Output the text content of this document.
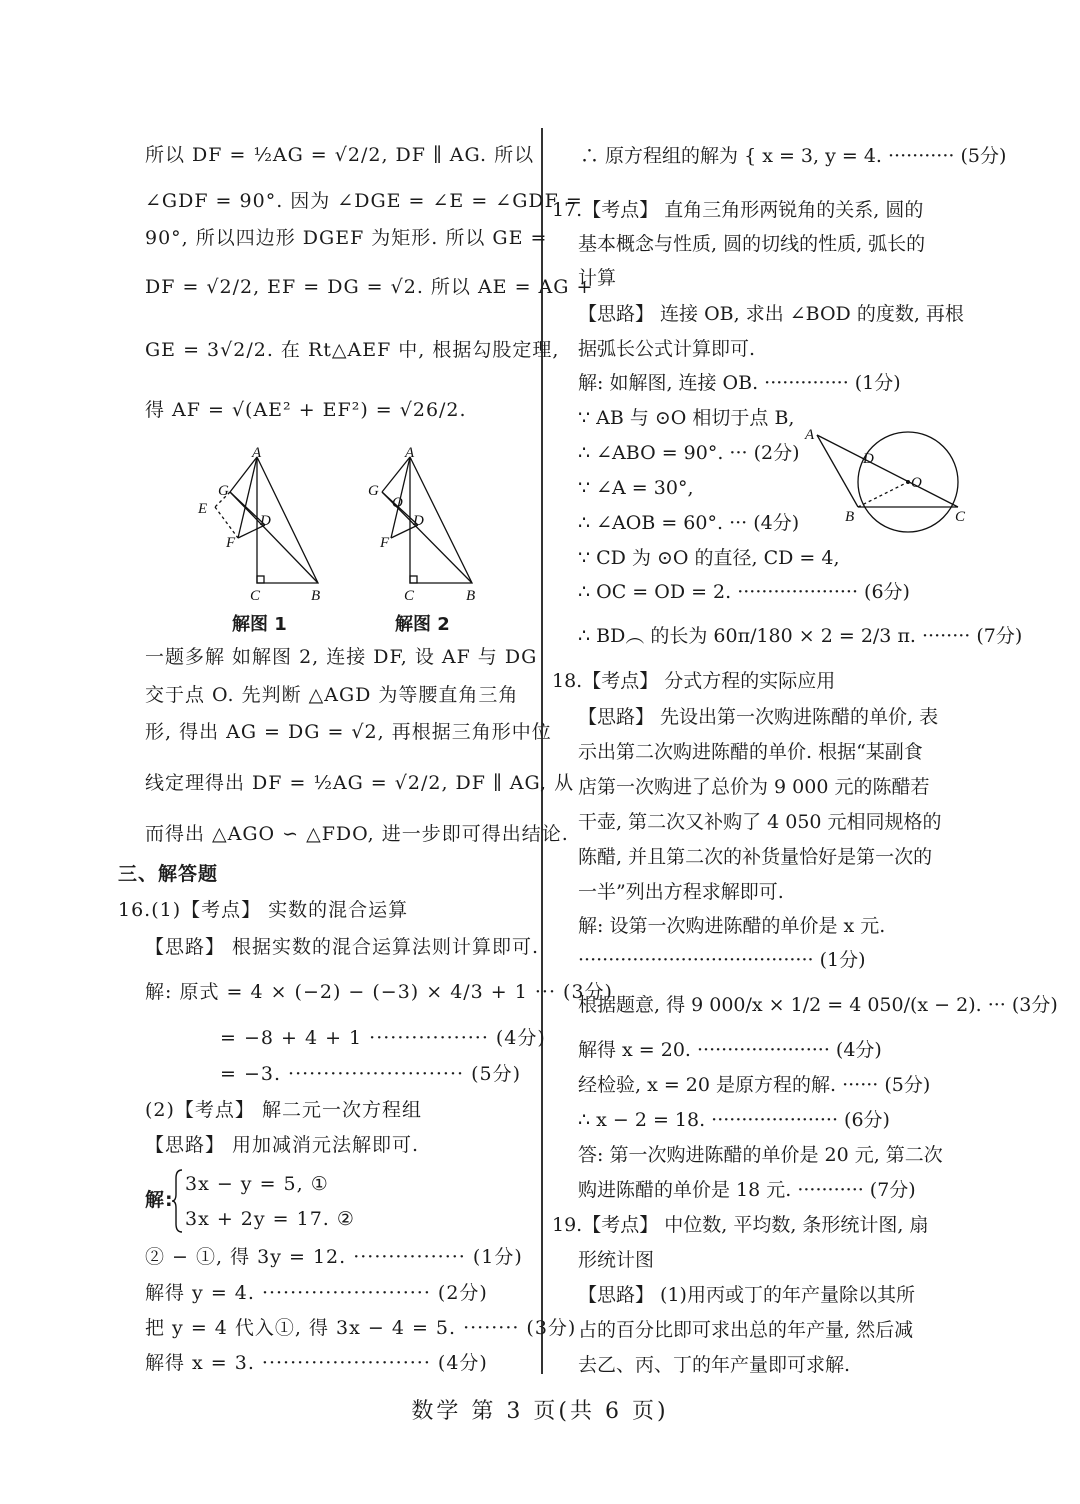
所以 DF = ½AG = √2/2, DF ∥ AG. 所以
∠GDF = 90°. 因为 ∠DGE = ∠E = ∠GDF =
90°, 所以四边形 DGEF 为矩形. 所以 GE =
DF = √2/2, EF = DG = √2. 所以 AE = AG +
GE = 3√2/2. 在 Rt△AEF 中, 根据勾股定理,
得 AF = √(AE² + EF²) = √26/2.
A
G
E
D
F
C	B
解图 1
A
G
O
D
F
C	B
解图 2
一题多解 如解图 2, 连接 DF, 设 AF 与 DG
交于点 O. 先判断 △AGD 为等腰直角三角
形, 得出 AG = DG = √2, 再根据三角形中位
线定理得出 DF = ½AG = √2/2, DF ∥ AG, 从
而得出 △AGO ∽ △FDO, 进一步即可得出结论.
三、解答题
16.(1)【考点】 实数的混合运算
【思路】 根据实数的混合运算法则计算即可.
解: 原式 = 4 × (−2) − (−3) × 4/3 + 1 ··· (3分)
= −8 + 4 + 1 ················· (4分)
= −3. ························· (5分)
(2)【考点】 解二元一次方程组
【思路】 用加减消元法解即可.
解:
3x − y = 5, ①
3x + 2y = 17. ②
② − ①, 得 3y = 12. ················ (1分)
解得 y = 4. ························ (2分)
把 y = 4 代入①, 得 3x − 4 = 5. ········ (3分)
解得 x = 3. ························ (4分)
∴ 原方程组的解为 { x = 3, y = 4. ··········· (5分)
17.【考点】 直角三角形两锐角的关系, 圆的
基本概念与性质, 圆的切线的性质, 弧长的
计算
【思路】 连接 OB, 求出 ∠BOD 的度数, 再根
据弧长公式计算即可.
解: 如解图, 连接 OB. ·············· (1分)
∵ AB 与 ⊙O 相切于点 B,
∴ ∠ABO = 90°. ··· (2分)
∵ ∠A = 30°,
∴ ∠AOB = 60°. ··· (4分)
∵ CD 为 ⊙O 的直径, CD = 4,
∴ OC = OD = 2. ···················· (6分)
∴ BD︵ 的长为 60π/180 × 2 = 2/3 π. ········ (7分)
A
D
O
B	C
18.【考点】 分式方程的实际应用
【思路】 先设出第一次购进陈醋的单价, 表
示出第二次购进陈醋的单价. 根据“某副食
店第一次购进了总价为 9 000 元的陈醋若
干壶, 第二次又补购了 4 050 元相同规格的
陈醋, 并且第二次的补货量恰好是第一次的
一半”列出方程求解即可.
解: 设第一次购进陈醋的单价是 x 元.
······································· (1分)
根据题意, 得 9 000/x × 1/2 = 4 050/(x − 2). ··· (3分)
解得 x = 20. ······················ (4分)
经检验, x = 20 是原方程的解. ······ (5分)
∴ x − 2 = 18. ····················· (6分)
答: 第一次购进陈醋的单价是 20 元, 第二次
购进陈醋的单价是 18 元. ··········· (7分)
19.【考点】 中位数, 平均数, 条形统计图, 扇
形统计图
【思路】 (1)用丙或丁的年产量除以其所
占的百分比即可求出总的年产量, 然后减
去乙、丙、丁的年产量即可求解.
数学 第 3 页(共 6 页)
